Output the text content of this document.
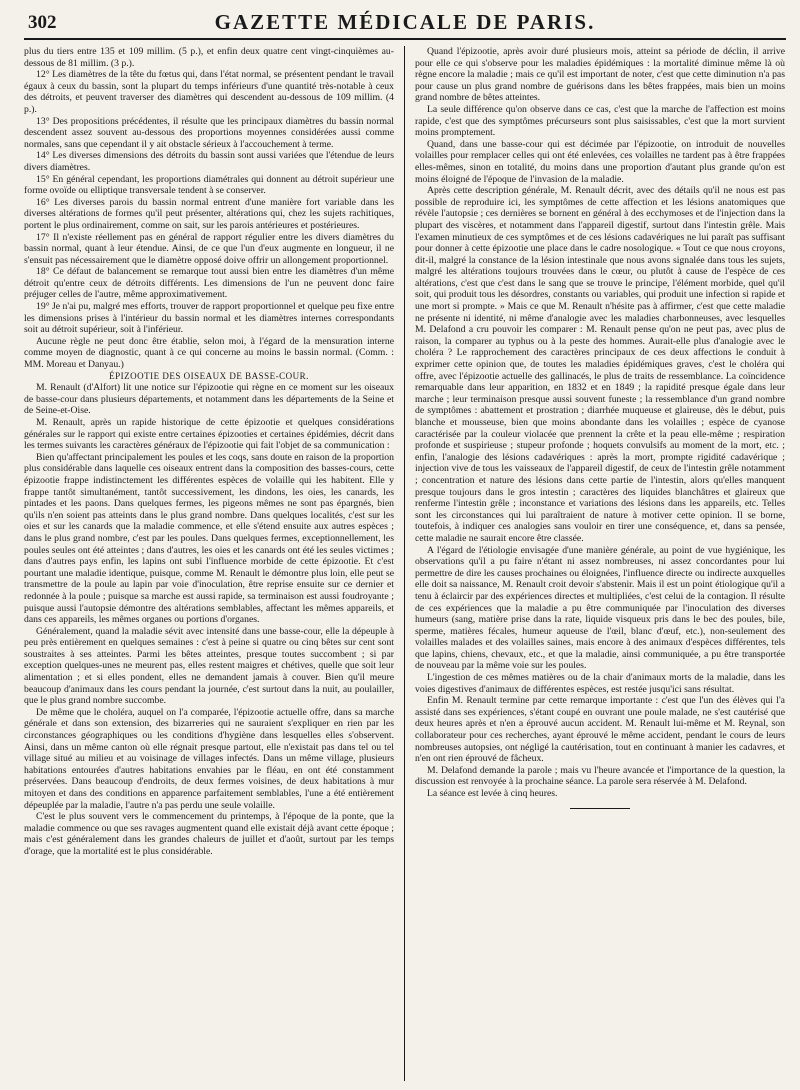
302	GAZETTE MÉDICALE DE PARIS.

plus du tiers entre 135 et 109 millim. (5 p.), et enfin deux quatre cent vingt-cinquièmes au-dessous de 81 millim. (3 p.).

12° Les diamètres de la tête du fœtus qui, dans l'état normal, se présentent pendant le travail égaux à ceux du bassin, sont la plupart du temps inférieurs d'une quantité très-notable à ceux des détroits, et peuvent traverser des diamètres qui descendent au-dessous de 109 millim. (4 p.).

13° Des propositions précédentes, il résulte que les principaux diamètres du bassin normal descendent assez souvent au-dessous des proportions moyennes considérées aussi comme normales, sans que cependant il y ait obstacle sérieux à l'accouchement à terme.

14° Les diverses dimensions des détroits du bassin sont aussi variées que l'étendue de leurs divers diamètres.

15° En général cependant, les proportions diamétrales qui donnent au détroit supérieur une forme ovoïde ou elliptique transversale tendent à se conserver.

16° Les diverses parois du bassin normal entrent d'une manière fort variable dans les diverses altérations de formes qu'il peut présenter, altérations qui, chez les sujets rachitiques, portent le plus ordinairement, comme on sait, sur les parois antérieures et postérieures.

17° Il n'existe réellement pas en général de rapport régulier entre les divers diamètres du bassin normal, quant à leur étendue. Ainsi, de ce que l'un d'eux augmente en longueur, il ne s'ensuit pas nécessairement que le diamètre opposé doive offrir un allongement proportionnel.

18° Ce défaut de balancement se remarque tout aussi bien entre les diamètres d'un même détroit qu'entre ceux de détroits différents. Les dimensions de l'un ne peuvent donc faire préjuger celles de l'autre, même approximativement.

19° Je n'ai pu, malgré mes efforts, trouver de rapport proportionnel et quelque peu fixe entre les dimensions prises à l'intérieur du bassin normal et les diamètres internes correspondants soit au détroit supérieur, soit à l'inférieur.

Aucune règle ne peut donc être établie, selon moi, à l'égard de la mensuration interne comme moyen de diagnostic, quant à ce qui concerne au moins le bassin normal. (Comm. : MM. Moreau et Danyau.)

ÉPIZOOTIE DES OISEAUX DE BASSE-COUR.

M. Renault (d'Alfort) lit une notice sur l'épizootie qui règne en ce moment sur les oiseaux de basse-cour dans plusieurs départements, et notamment dans les départements de la Seine et de Seine-et-Oise.

M. Renault, après un rapide historique de cette épizootie et quelques considérations générales sur le rapport qui existe entre certaines épizooties et certaines épidémies, décrit dans les termes suivants les caractères généraux de l'épizootie qui fait l'objet de sa communication :

Bien qu'affectant principalement les poules et les coqs, sans doute en raison de la proportion plus considérable dans laquelle ces oiseaux entrent dans la composition des basses-cours, cette épizootie frappe indistinctement les différentes espèces de volaille qui les habitent. Elle y frappe tantôt simultanément, tantôt successivement, les dindons, les oies, les canards, les pintades et les paons. Dans quelques fermes, les pigeons mêmes ne sont pas épargnés, bien qu'ils n'en soient pas atteints dans le plus grand nombre. Dans quelques localités, c'est sur les oies et sur les canards que la maladie commence, et elle s'étend ensuite aux autres espèces ; dans le plus grand nombre, c'est par les poules. Dans quelques fermes, exceptionnellement, les poules seules ont été atteintes ; dans d'autres, les oies et les canards ont été les seules victimes ; dans d'autres pays enfin, les lapins ont subi l'influence morbide de cette épizootie. Et c'est pourtant une maladie identique, puisque, comme M. Renault le démontre plus loin, elle peut se transmettre de la poule au lapin par voie d'inoculation, être reprise ensuite sur ce dernier et redonnée à la poule ; puisque sa marche est aussi rapide, sa terminaison est aussi foudroyante ; puisque aussi l'autopsie démontre des altérations semblables, affectant les mêmes appareils, et dans ces appareils, les mêmes organes ou portions d'organes.

Généralement, quand la maladie sévit avec intensité dans une basse-cour, elle la dépeuple à peu près entièrement en quelques semaines : c'est à peine si quatre ou cinq bêtes sur cent sont soustraites à ses atteintes. Parmi les bêtes atteintes, presque toutes succombent ; si par exception quelques-unes ne meurent pas, elles restent maigres et chétives, quelle que soit leur alimentation ; et si elles pondent, elles ne demandent jamais à couver. Bien qu'il meure beaucoup d'animaux dans les cours pendant la journée, c'est surtout dans la nuit, au poulailler, que le plus grand nombre succombe.

De même que le choléra, auquel on l'a comparée, l'épizootie actuelle offre, dans sa marche générale et dans son extension, des bizarreries qui ne sauraient s'expliquer en rien par les circonstances géographiques ou les conditions d'hygiène dans lesquelles elles s'observent. Ainsi, dans un même canton où elle régnait presque partout, elle n'existait pas dans tel ou tel village situé au milieu et au voisinage de villages infectés. Dans un même village, plusieurs habitations entourées d'autres habitations envahies par le fléau, en ont été constamment préservées. Dans beaucoup d'endroits, de deux fermes voisines, de deux habitations à mur mitoyen et dans des conditions en apparence parfaitement semblables, l'une a été entièrement dépeuplée par la maladie, l'autre n'a pas perdu une seule volaille.

C'est le plus souvent vers le commencement du printemps, à l'époque de la ponte, que la maladie commence ou que ses ravages augmentent quand elle existait déjà avant cette époque ; mais c'est généralement dans les grandes chaleurs de juillet et d'août, surtout par les temps d'orage, que la mortalité est le plus considérable.

Quand l'épizootie, après avoir duré plusieurs mois, atteint sa période de déclin, il arrive pour elle ce qui s'observe pour les maladies épidémiques : la mortalité diminue même là où règne encore la maladie ; mais ce qu'il est important de noter, c'est que cette diminution n'a pas pour cause un plus grand nombre de guérisons dans les bêtes frappées, mais bien un moins grand nombre de bêtes atteintes.

La seule différence qu'on observe dans ce cas, c'est que la marche de l'affection est moins rapide, c'est que des symptômes précurseurs sont plus saisissables, c'est que la mort survient moins promptement.

Quand, dans une basse-cour qui est décimée par l'épizootie, on introduit de nouvelles volailles pour remplacer celles qui ont été enlevées, ces volailles ne tardent pas à être frappées elles-mêmes, sinon en totalité, du moins dans une proportion d'autant plus grande qu'on est moins éloigné de l'époque de l'invasion de la maladie.

Après cette description générale, M. Renault décrit, avec des détails qu'il ne nous est pas possible de reproduire ici, les symptômes de cette affection et les lésions anatomiques que révèle l'autopsie ; ces dernières se bornent en général à des ecchymoses et de l'injection dans la plupart des viscères, et notamment dans l'appareil digestif, surtout dans l'intestin grêle. Mais l'examen minutieux de ces symptômes et de ces lésions cadavériques ne lui paraît pas suffisant pour donner à cette épizootie une place dans le cadre nosologique. « Tout ce que nous croyons, dit-il, malgré la constance de la lésion intestinale que nous avons signalée dans tous les sujets, malgré les altérations toujours trouvées dans le cœur, ou plutôt à cause de l'espèce de ces altérations, c'est que c'est dans le sang que se trouve le principe, l'élément morbide, quel qu'il soit, qui produit tous les désordres, constants ou variables, qui produit une infection si rapide et une mort si prompte. » Mais ce que M. Renault n'hésite pas à affirmer, c'est que cette maladie ne présente ni identité, ni même d'analogie avec les maladies charbonneuses, avec lesquelles M. Delafond a cru pouvoir les comparer : M. Renault pense qu'on ne peut pas, avec plus de raison, la comparer au typhus ou à la peste des hommes. Aurait-elle plus d'analogie avec le choléra ? Le rapprochement des caractères principaux de ces deux affections le conduit à exprimer cette opinion que, de toutes les maladies épidémiques graves, c'est le choléra qui offre, avec l'épizootie actuelle des gallinacés, le plus de traits de ressemblance. La coïncidence remarquable dans leur apparition, en 1832 et en 1849 ; la rapidité presque égale dans leur marche ; leur terminaison presque aussi souvent funeste ; la ressemblance d'un grand nombre de symptômes : abattement et prostration ; diarrhée muqueuse et glaireuse, dès le début, puis blanche et mousseuse, bien que moins abondante dans les volailles ; espèce de cyanose caractérisée par la couleur violacée que prennent la crête et la peau elle-même ; respiration profonde et suspirieuse ; stupeur profonde ; hoquets convulsifs au moment de la mort, etc. ; enfin, l'analogie des lésions cadavériques : après la mort, prompte rigidité cadavérique ; injection vive de tous les vaisseaux de l'appareil digestif, de ceux de l'intestin grêle notamment ; concentration et nature des lésions dans cette partie de l'intestin, alors qu'elles manquent presque toujours dans le gros intestin ; caractères des liquides blanchâtres et glaireux que renferme l'intestin grêle ; inconstance et variations des lésions dans les appareils, etc. Telles sont les circonstances qui lui paraîtraient de nature à motiver cette opinion. Il se borne, toutefois, à indiquer ces analogies sans vouloir en tirer une conséquence, et, dans sa pensée, cette maladie ne saurait encore être classée.

A l'égard de l'étiologie envisagée d'une manière générale, au point de vue hygiénique, les observations qu'il a pu faire n'étant ni assez nombreuses, ni assez concordantes pour lui permettre de dire les causes prochaines ou éloignées, l'influence directe ou indirecte auxquelles elle doit sa naissance, M. Renault croit devoir s'abstenir. Mais il est un point étiologique qu'il a tenu à éclaircir par des expériences directes et multipliées, c'est celui de la contagion. Il résulte de ces expériences que la maladie a pu être communiquée par l'inoculation des diverses humeurs (sang, matière prise dans la rate, liquide visqueux pris dans le bec des poules, bile, sperme, matières fécales, humeur aqueuse de l'œil, blanc d'œuf, etc.), non-seulement des volailles malades et des volailles saines, mais encore à des animaux d'espèces différentes, tels que lapins, chiens, chevaux, etc., et que la maladie, ainsi communiquée, a pu être transportée de nouveau par la même voie sur les poules.

L'ingestion de ces mêmes matières ou de la chair d'animaux morts de la maladie, dans les voies digestives d'animaux de différentes espèces, est restée jusqu'ici sans résultat.

Enfin M. Renault termine par cette remarque importante : c'est que l'un des élèves qui l'a assisté dans ses expériences, s'étant coupé en ouvrant une poule malade, ne s'est cautérisé que deux heures après et n'en a éprouvé aucun accident. M. Renault lui-même et M. Reynal, son collaborateur pour ces recherches, ayant éprouvé le même accident, pendant le cours de leurs nombreuses autopsies, ont négligé la cautérisation, tout en continuant à manier les cadavres, et n'en ont rien éprouvé de fâcheux.

M. Delafond demande la parole ; mais vu l'heure avancée et l'importance de la question, la discussion est renvoyée à la prochaine séance. La parole sera réservée à M. Delafond.

La séance est levée à cinq heures.
